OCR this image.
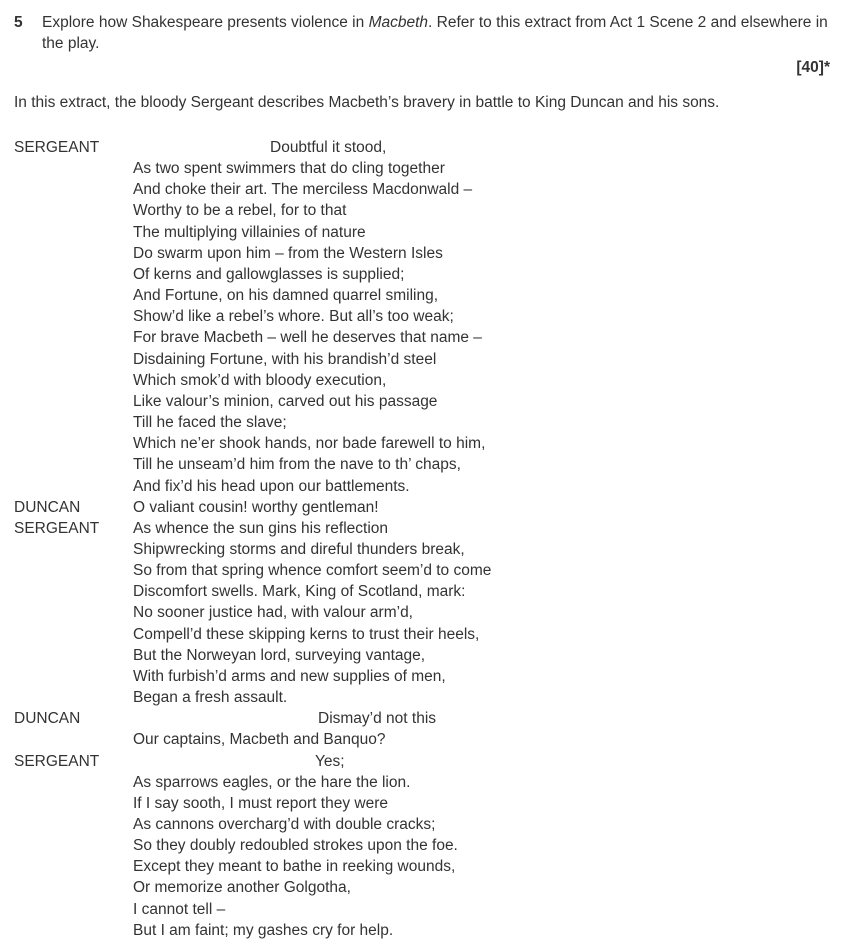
5	Explore how Shakespeare presents violence in Macbeth. Refer to this extract from Act 1 Scene 2 and elsewhere in the play.
[40]*
In this extract, the bloody Sergeant describes Macbeth’s bravery in battle to King Duncan and his sons.
SERGEANT	Doubtful it stood,
As two spent swimmers that do cling together
And choke their art. The merciless Macdonwald –
Worthy to be a rebel, for to that
The multiplying villainies of nature
Do swarm upon him – from the Western Isles
Of kerns and gallowglasses is supplied;
And Fortune, on his damned quarrel smiling,
Show’d like a rebel’s whore. But all’s too weak;
For brave Macbeth – well he deserves that name –
Disdaining Fortune, with his brandish’d steel
Which smok’d with bloody execution,
Like valour’s minion, carved out his passage
Till he faced the slave;
Which ne’er shook hands, nor bade farewell to him,
Till he unseam’d him from the nave to th’ chaps,
And fix’d his head upon our battlements.
DUNCAN	O valiant cousin! worthy gentleman!
SERGEANT	As whence the sun gins his reflection
Shipwrecking storms and direful thunders break,
So from that spring whence comfort seem’d to come
Discomfort swells. Mark, King of Scotland, mark:
No sooner justice had, with valour arm’d,
Compell’d these skipping kerns to trust their heels,
But the Norweyan lord, surveying vantage,
With furbish’d arms and new supplies of men,
Began a fresh assault.
DUNCAN	Dismay’d not this
Our captains, Macbeth and Banquo?
SERGEANT	Yes;
As sparrows eagles, or the hare the lion.
If I say sooth, I must report they were
As cannons overcharg’d with double cracks;
So they doubly redoubled strokes upon the foe.
Except they meant to bathe in reeking wounds,
Or memorize another Golgotha,
I cannot tell –
But I am faint; my gashes cry for help.
